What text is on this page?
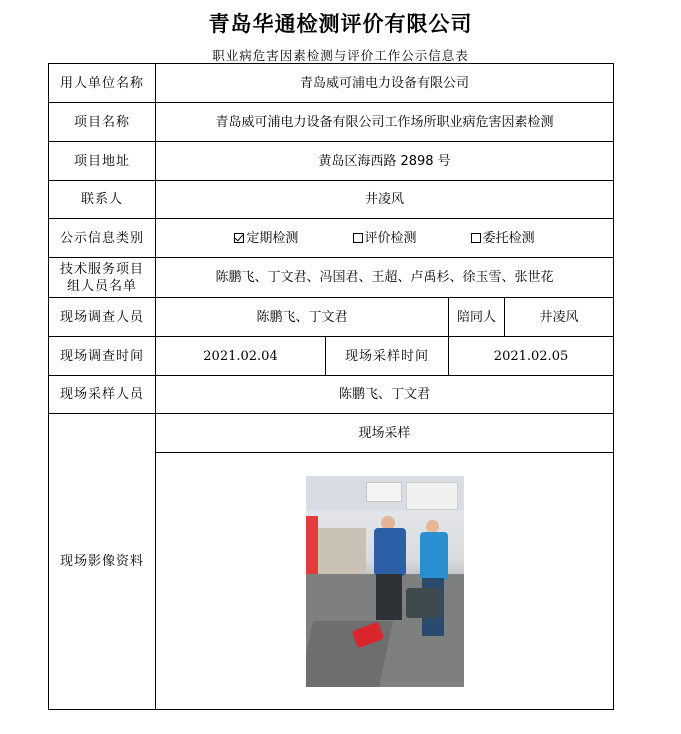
青岛华通检测评价有限公司
职业病危害因素检测与评价工作公示信息表
用人单位名称	青岛威可浦电力设备有限公司		
项目名称	青岛威可浦电力设备有限公司工作场所职业病危害因素检测		
项目地址	黄岛区海西路 2898 号		
联系人	井凌风		
公示信息类别	定期检测 评价检测 委托检测		
技术服务项目
组人员名单	陈鹏飞、丁文君、冯国君、王超、卢禹杉、徐玉雪、张世花		
现场调查人员	陈鹏飞、丁文君		陪同人 井凌风

现场调查时间	2021.02.04	现场采样时间	2021.02.05
现场采样人员	陈鹏飞、丁文君		
现场影像资料	现场采样		
